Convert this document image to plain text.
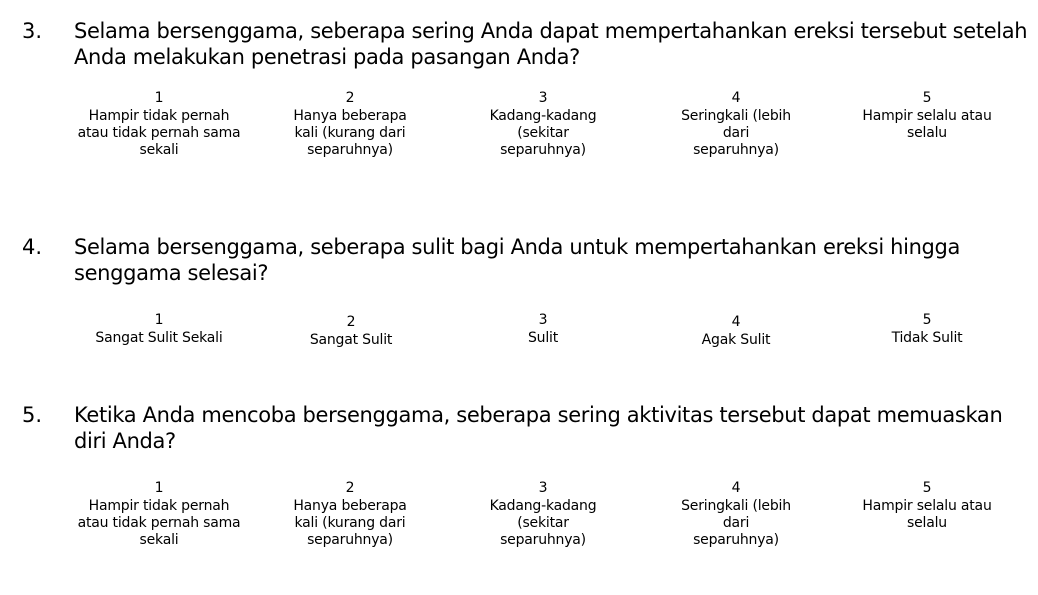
3. Selama bersenggama, seberapa sering Anda dapat mempertahankan ereksi tersebut setelah Anda melakukan penetrasi pada pasangan Anda?
1
Hampir tidak pernah atau tidak pernah sama sekali
2
Hanya beberapa kali (kurang dari separuhnya)
3
Kadang-kadang (sekitar separuhnya)
4
Seringkali (lebih dari separuhnya)
5
Hampir selalu atau selalu
4. Selama bersenggama, seberapa sulit bagi Anda untuk mempertahankan ereksi hingga senggama selesai?
1
Sangat Sulit Sekali
2
Sangat Sulit
3
Sulit
4
Agak Sulit
5
Tidak Sulit
5. Ketika Anda mencoba bersenggama, seberapa sering aktivitas tersebut dapat memuaskan diri Anda?
1
Hampir tidak pernah atau tidak pernah sama sekali
2
Hanya beberapa kali (kurang dari separuhnya)
3
Kadang-kadang (sekitar separuhnya)
4
Seringkali (lebih dari separuhnya)
5
Hampir selalu atau selalu
